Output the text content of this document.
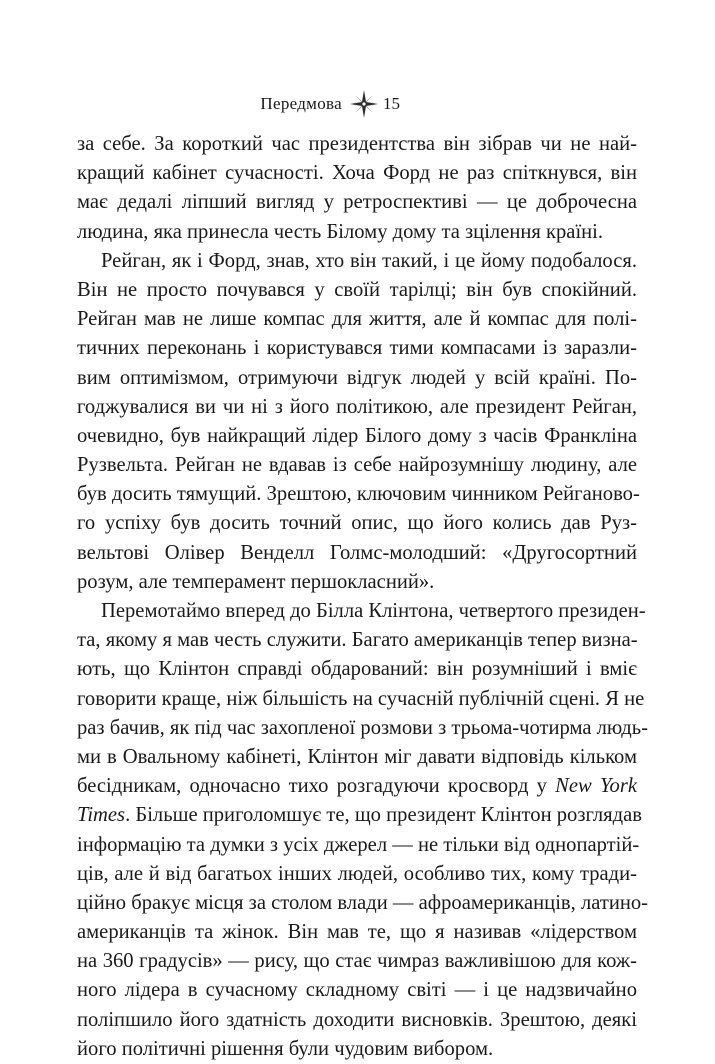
Передмова 15
за себе. За короткий час президентства він зібрав чи не най-
кращий кабінет сучасності. Хоча Форд не раз спіткнувся, він
має дедалі ліпший вигляд у ретроспективі — це доброчесна
людина, яка принесла честь Білому дому та зцілення країні.
Рейган, як і Форд, знав, хто він такий, і це йому подобалося.
Він не просто почувався у своїй тарілці; він був спокійний.
Рейган мав не лише компас для життя, але й компас для полі-
тичних переконань і користувався тими компасами із заразли-
вим оптимізмом, отримуючи відгук людей у всій країні. По-
годжувалися ви чи ні з його політикою, але президент Рейган,
очевидно, був найкращий лідер Білого дому з часів Франкліна
Рузвельта. Рейган не вдавав із себе найрозумнішу людину, але
був досить тямущий. Зрештою, ключовим чинником Рейганово-
го успіху був досить точний опис, що його колись дав Руз-
вельтові Олівер Венделл Голмс-молодший: «Другосортний
розум, але темперамент першокласний».
Перемотаймо вперед до Білла Клінтона, четвертого президен-
та, якому я мав честь служити. Багато американців тепер визна-
ють, що Клінтон справді обдарований: він розумніший і вміє
говорити краще, ніж більшість на сучасній публічній сцені. Я не
раз бачив, як під час захопленої розмови з трьома-чотирма людь-
ми в Овальному кабінеті, Клінтон міг давати відповідь кільком
бесідникам, одночасно тихо розгадуючи кросворд у New York
Times. Більше приголомшує те, що президент Клінтон розглядав
інформацію та думки з усіх джерел — не тільки від однопартій-
ців, але й від багатьох інших людей, особливо тих, кому тради-
ційно бракує місця за столом влади — афроамериканців, латино-
американців та жінок. Він мав те, що я називав «лідерством
на 360 градусів» — рису, що стає чимраз важливішою для кож-
ного лідера в сучасному складному світі — і це надзвичайно
поліпшило його здатність доходити висновків. Зрештою, деякі
його політичні рішення були чудовим вибором.
